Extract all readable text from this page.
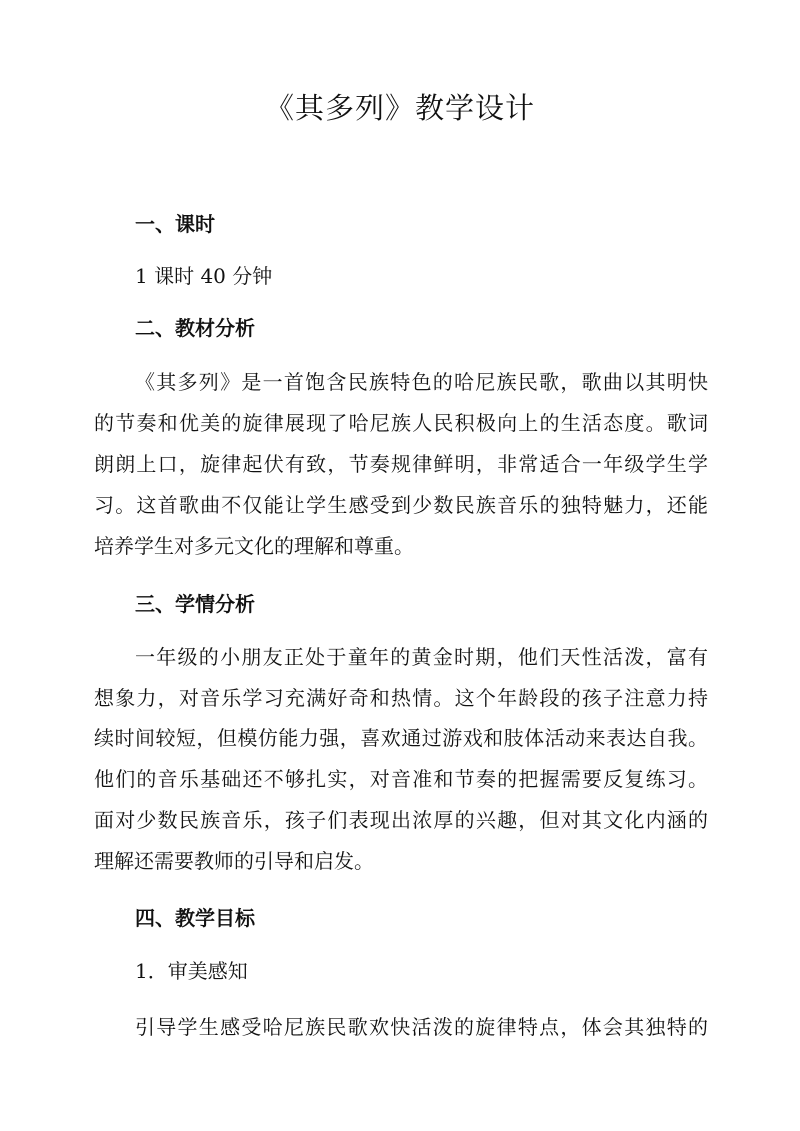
《其多列》教学设计
一、课时
1 课时 40 分钟
二、教材分析
《其多列》是一首饱含民族特色的哈尼族民歌，歌曲以其明快
的节奏和优美的旋律展现了哈尼族人民积极向上的生活态度。歌词
朗朗上口，旋律起伏有致，节奏规律鲜明，非常适合一年级学生学
习。这首歌曲不仅能让学生感受到少数民族音乐的独特魅力，还能
培养学生对多元文化的理解和尊重。
三、学情分析
一年级的小朋友正处于童年的黄金时期，他们天性活泼，富有
想象力，对音乐学习充满好奇和热情。这个年龄段的孩子注意力持
续时间较短，但模仿能力强，喜欢通过游戏和肢体活动来表达自我。
他们的音乐基础还不够扎实，对音准和节奏的把握需要反复练习。
面对少数民族音乐，孩子们表现出浓厚的兴趣，但对其文化内涵的
理解还需要教师的引导和启发。
四、教学目标
1．审美感知
引导学生感受哈尼族民歌欢快活泼的旋律特点，体会其独特的
